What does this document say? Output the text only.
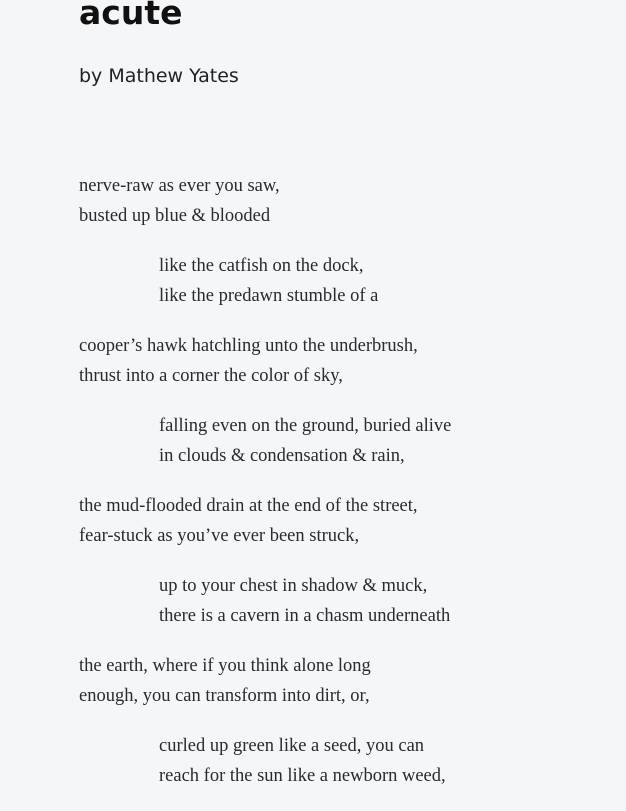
acute

by Mathew Yates

nerve-raw as ever you saw,
busted up blue & blooded
like the catfish on the dock,
like the predawn stumble of a
cooper’s hawk hatchling unto the underbrush,
thrust into a corner the color of sky,
falling even on the ground, buried alive
in clouds & condensation & rain,
the mud-flooded drain at the end of the street,
fear-stuck as you’ve ever been struck,
up to your chest in shadow & muck,
there is a cavern in a chasm underneath
the earth, where if you think alone long
enough, you can transform into dirt, or,
curled up green like a seed, you can
reach for the sun like a newborn weed,
